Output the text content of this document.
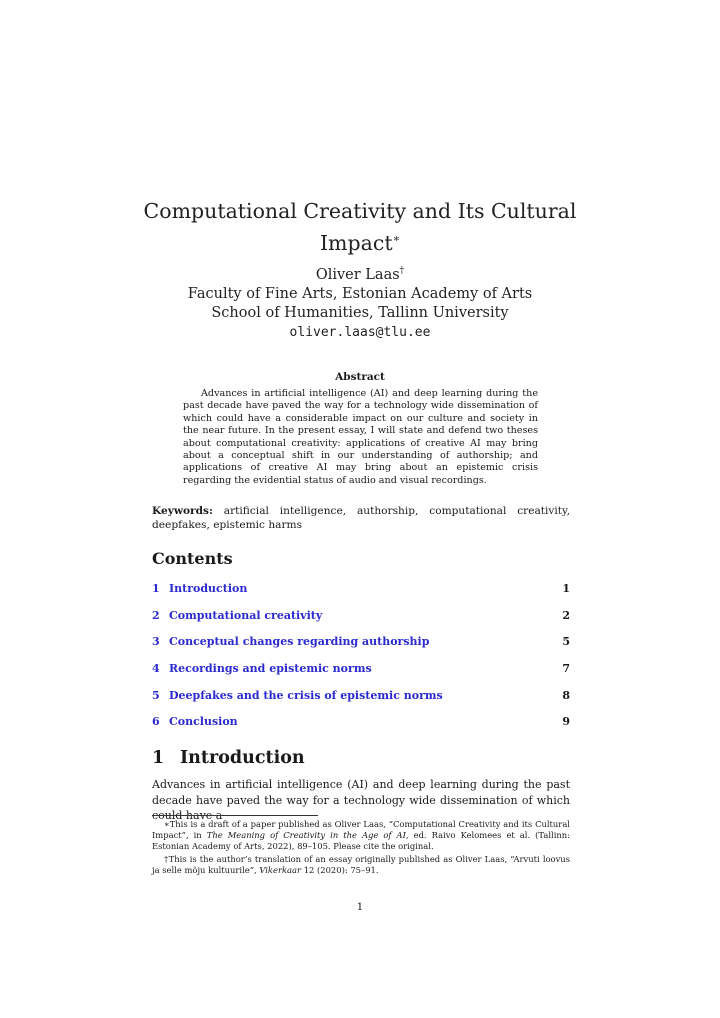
Computational Creativity and Its Cultural
Impact∗
Oliver Laas†
Faculty of Fine Arts, Estonian Academy of Arts
School of Humanities, Tallinn University
oliver.laas@tlu.ee
Abstract
Advances in artificial intelligence (AI) and deep learning during the past decade have paved the way for a technology wide dissemination of which could have a considerable impact on our culture and society in the near future. In the present essay, I will state and defend two theses about computational creativity: applications of creative AI may bring about a conceptual shift in our understanding of authorship; and applications of creative AI may bring about an epistemic crisis regarding the evidential status of audio and visual recordings.
Keywords: artificial intelligence, authorship, computational creativity, deepfakes, epistemic harms
Contents
1 Introduction	1
2 Computational creativity	2
3 Conceptual changes regarding authorship	5
4 Recordings and epistemic norms	7
5 Deepfakes and the crisis of epistemic norms	8
6 Conclusion	9
1 Introduction
Advances in artificial intelligence (AI) and deep learning during the past decade have paved the way for a technology wide dissemination of which could have a

∗This is a draft of a paper published as Oliver Laas, “Computational Creativity and its Cultural Impact”, in The Meaning of Creativity in the Age of AI, ed. Raivo Kelomees et al. (Tallinn: Estonian Academy of Arts, 2022), 89–105. Please cite the original.

†This is the author’s translation of an essay originally published as Oliver Laas, “Arvuti loovus ja selle mõju kultuurile”, Vikerkaar 12 (2020): 75–91.

1
